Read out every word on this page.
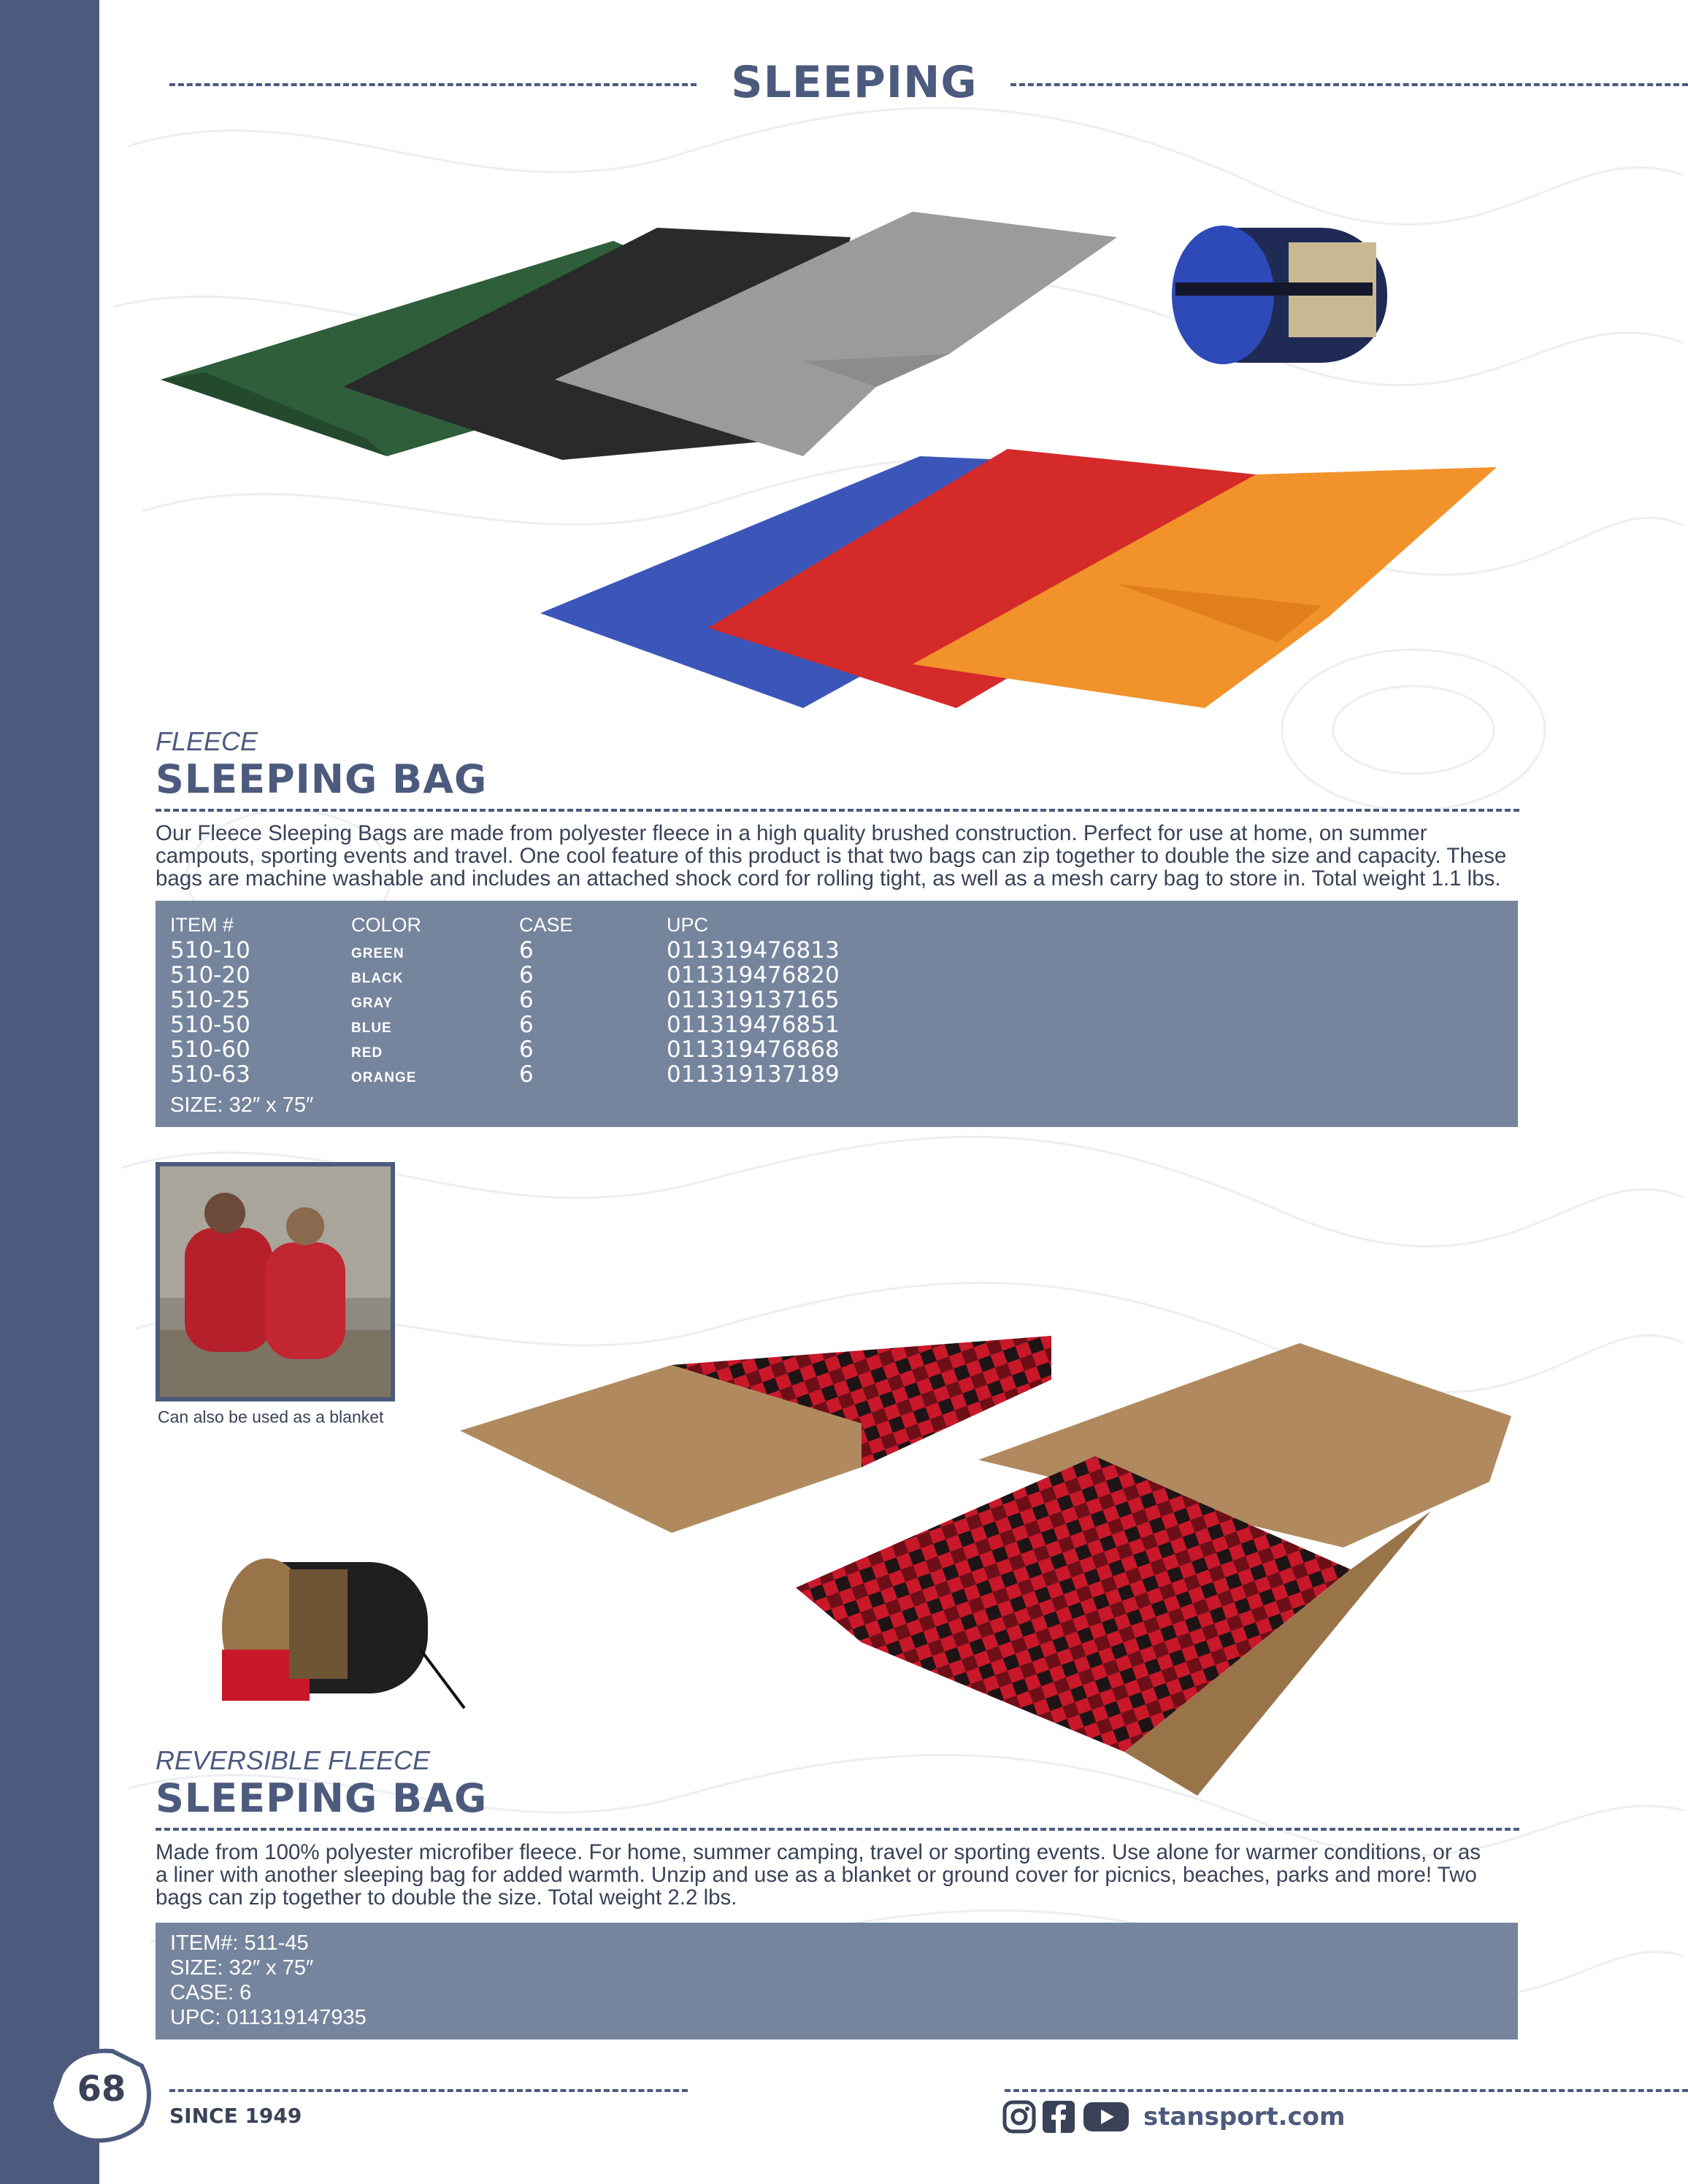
SLEEPING
FLEECE
SLEEPING BAG
Our Fleece Sleeping Bags are made from polyester fleece in a high quality brushed construction. Perfect for use at home, on summer
campouts, sporting events and travel. One cool feature of this product is that two bags can zip together to double the size and capacity. These
bags are machine washable and includes an attached shock cord for rolling tight, as well as a mesh carry bag to store in. Total weight 1.1 lbs.
ITEM #	COLOR	CASE	UPC
510-10	GREEN	6	011319476813
510-20	BLACK	6	011319476820
510-25	GRAY	6	011319137165
510-50	BLUE	6	011319476851
510-60	RED	6	011319476868
510-63	ORANGE	6	011319137189
SIZE: 32″ x 75″
Can also be used as a blanket
REVERSIBLE FLEECE
SLEEPING BAG
Made from 100% polyester microfiber fleece. For home, summer camping, travel or sporting events. Use alone for warmer conditions, or as
a liner with another sleeping bag for added warmth. Unzip and use as a blanket or ground cover for picnics, beaches, parks and more! Two
bags can zip together to double the size. Total weight 2.2 lbs.
ITEM#: 511-45
SIZE: 32″ x 75″
CASE: 6
UPC: 011319147935
68
SINCE 1949	stansport.com
